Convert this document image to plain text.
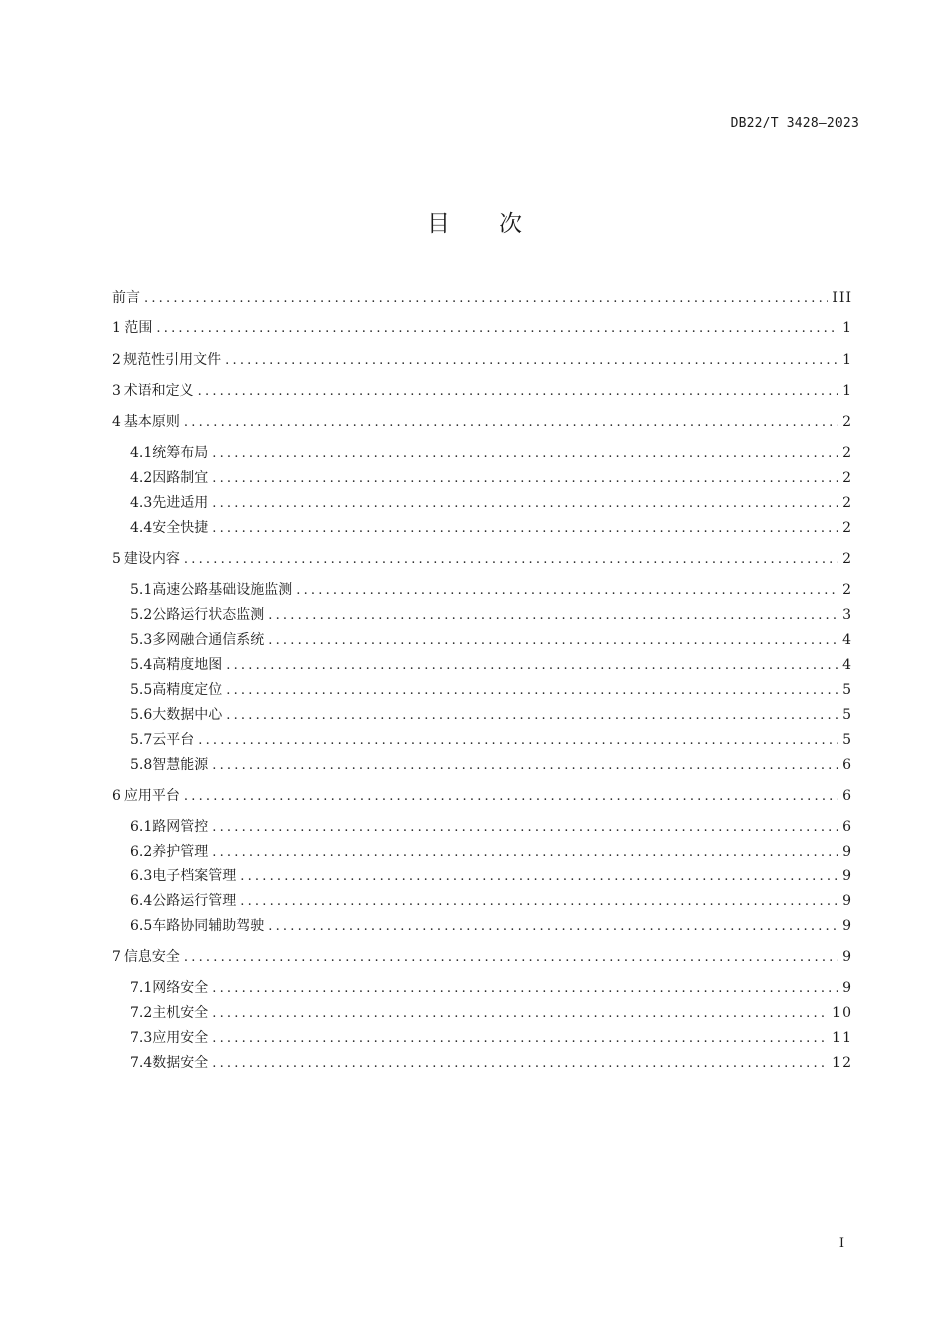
DB22/T 3428—2023
目 次
前言 .....	III
1 范围 .....	1
2 规范性引用文件 .....	1
3 术语和定义 .....	1
4 基本原则 .....	2
4.1 统筹布局 .....	2
4.2 因路制宜 .....	2
4.3 先进适用 .....	2
4.4 安全快捷 .....	2
5 建设内容 .....	2
5.1 高速公路基础设施监测 .....	2
5.2 公路运行状态监测 .....	3
5.3 多网融合通信系统 .....	4
5.4 高精度地图 .....	4
5.5 高精度定位 .....	5
5.6 大数据中心 .....	5
5.7 云平台 .....	5
5.8 智慧能源 .....	6
6 应用平台 .....	6
6.1 路网管控 .....	6
6.2 养护管理 .....	9
6.3 电子档案管理 .....	9
6.4 公路运行管理 .....	9
6.5 车路协同辅助驾驶 .....	9
7 信息安全 .....	9
7.1 网络安全 .....	9
7.2 主机安全 .....	10
7.3 应用安全 .....	11
7.4 数据安全 .....	12
I
